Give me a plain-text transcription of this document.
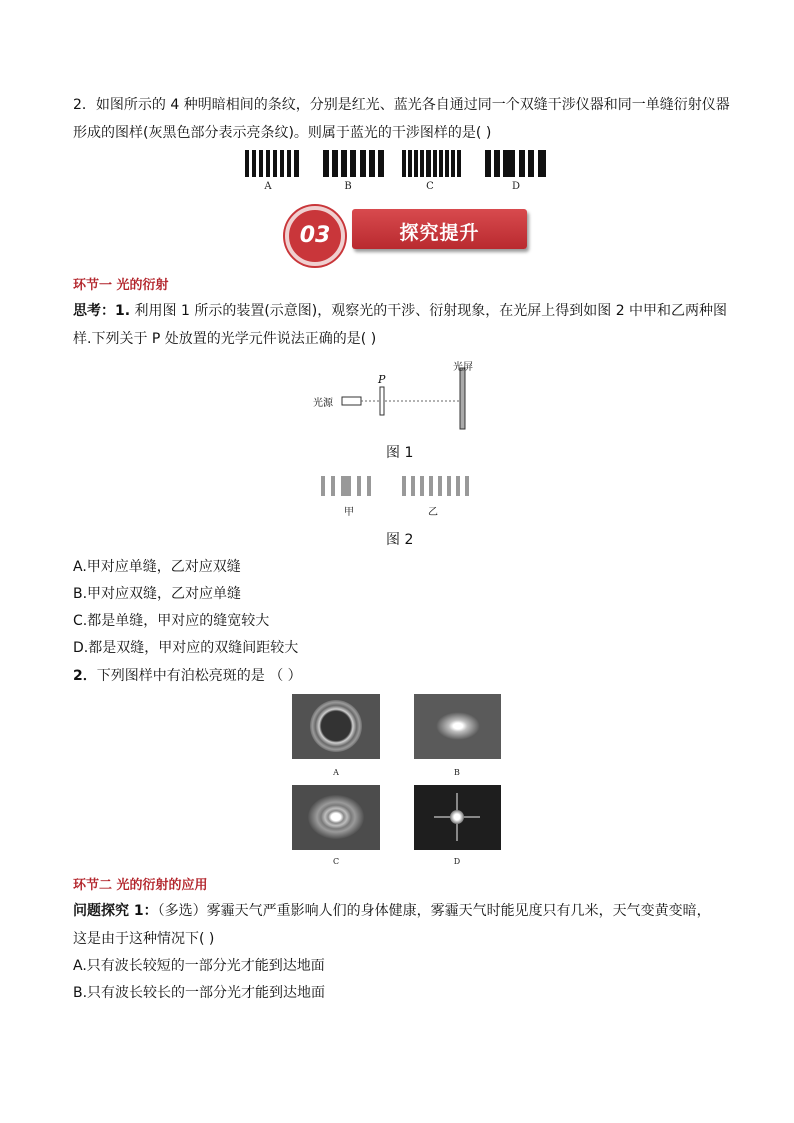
2．如图所示的 4 种明暗相间的条纹，分别是红光、蓝光各自通过同一个双缝干涉仪器和同一单缝衍射仪器
形成的图样(灰黑色部分表示亮条纹)。则属于蓝光的干涉图样的是( )
A	B	C	D
03	探究提升
环节一 光的衍射
思考：1. 利用图 1 所示的装置(示意图)，观察光的干涉、衍射现象，在光屏上得到如图 2 中甲和乙两种图
样.下列关于 P 处放置的光学元件说法正确的是( )
光源
P
光屏
图 1
甲	乙
图 2
A.甲对应单缝，乙对应双缝
B.甲对应双缝，乙对应单缝
C.都是单缝，甲对应的缝宽较大
D.都是双缝，甲对应的双缝间距较大
2．下列图样中有泊松亮斑的是 （ ）
A	B
C	D
环节二 光的衍射的应用
问题探究 1：（多选）雾霾天气严重影响人们的身体健康，雾霾天气时能见度只有几米，天气变黄变暗，
这是由于这种情况下( )
A.只有波长较短的一部分光才能到达地面
B.只有波长较长的一部分光才能到达地面
